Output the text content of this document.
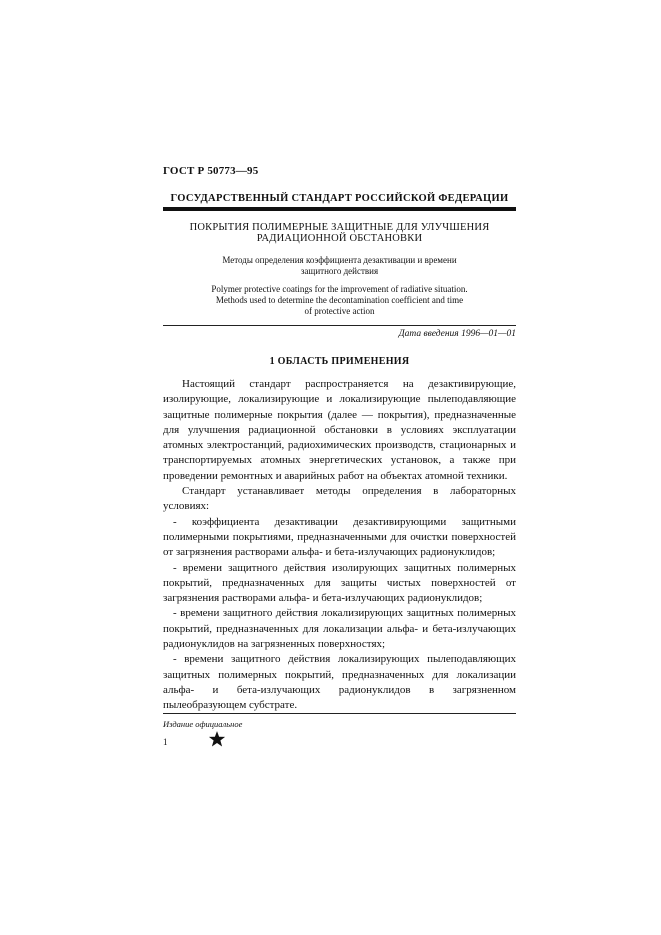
ГОСТ Р 50773—95
ГОСУДАРСТВЕННЫЙ СТАНДАРТ РОССИЙСКОЙ ФЕДЕРАЦИИ
ПОКРЫТИЯ ПОЛИМЕРНЫЕ ЗАЩИТНЫЕ ДЛЯ УЛУЧШЕНИЯ
РАДИАЦИОННОЙ ОБСТАНОВКИ
Методы определения коэффициента дезактивации и времени
защитного действия
Polymer protective coatings for the improvement of radiative situation.
Methods used to determine the decontamination coefficient and time
of protective action
Дата введения 1996—01—01
1 ОБЛАСТЬ ПРИМЕНЕНИЯ

Настоящий стандарт распространяется на дезактивирующие, изолирующие, локализирующие и локализирующие пылеподавляющие защитные полимерные покрытия (далее — покрытия), предназначенные для улучшения радиационной обстановки в условиях эксплуатации атомных электростанций, радиохимических производств, стационарных и транспортируемых атомных энергетических установок, а также при проведении ремонтных и аварийных работ на объектах атомной техники.

Стандарт устанавливает методы определения в лабораторных условиях:

- коэффициента дезактивации дезактивирующими защитными полимерными покрытиями, предназначенными для очистки поверхностей от загрязнения растворами альфа- и бета-излучающих радионуклидов;

- времени защитного действия изолирующих защитных полимерных покрытий, предназначенных для защиты чистых поверхностей от загрязнения растворами альфа- и бета-излучающих радионуклидов;

- времени защитного действия локализирующих защитных полимерных покрытий, предназначенных для локализации альфа- и бета-излучающих радионуклидов на загрязненных поверхностях;

- времени защитного действия локализирующих пылеподавляющих защитных полимерных покрытий, предназначенных для локализации альфа- и бета-излучающих радионуклидов в загрязненном пылеобразующем субстрате.

Издание официальное
1
